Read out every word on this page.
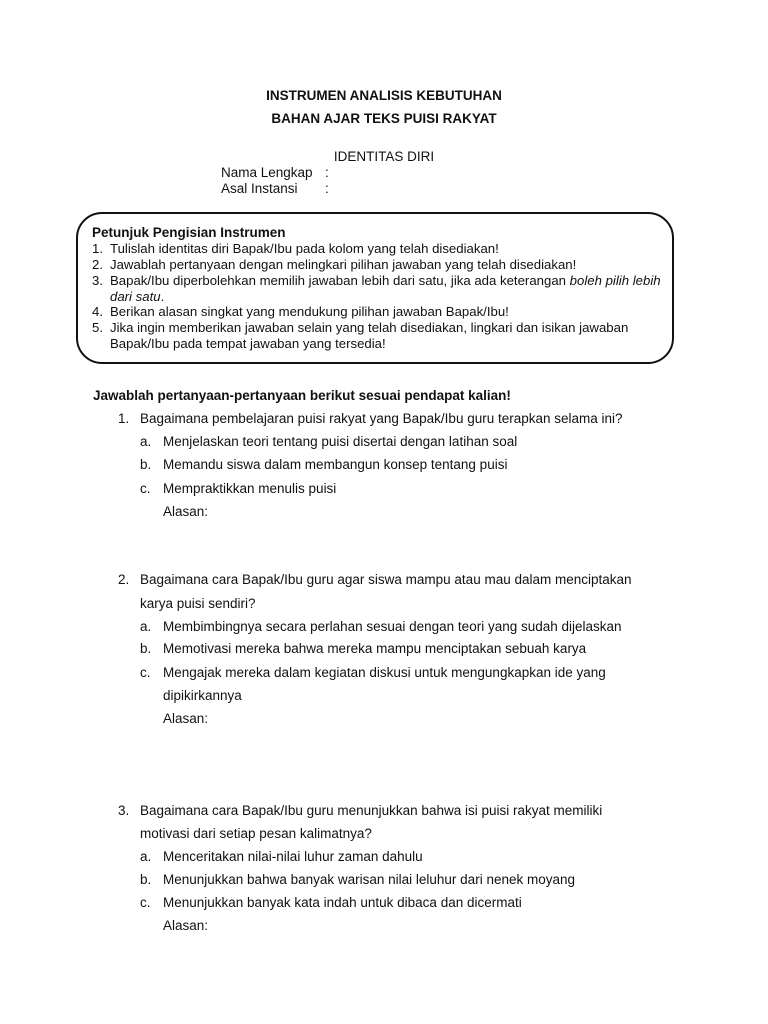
INSTRUMEN ANALISIS KEBUTUHAN
BAHAN AJAR TEKS PUISI RAKYAT
IDENTITAS DIRI
Nama Lengkap :
Asal Instansi	:
Petunjuk Pengisian Instrumen
1. Tulislah identitas diri Bapak/Ibu pada kolom yang telah disediakan!
2. Jawablah pertanyaan dengan melingkari pilihan jawaban yang telah disediakan!
3. Bapak/Ibu diperbolehkan memilih jawaban lebih dari satu, jika ada keterangan boleh pilih lebih dari satu.
4. Berikan alasan singkat yang mendukung pilihan jawaban Bapak/Ibu!
5. Jika ingin memberikan jawaban selain yang telah disediakan, lingkari dan isikan jawaban Bapak/Ibu pada tempat jawaban yang tersedia!
Jawablah pertanyaan-pertanyaan berikut sesuai pendapat kalian!
1. Bagaimana pembelajaran puisi rakyat yang Bapak/Ibu guru terapkan selama ini?
a. Menjelaskan teori tentang puisi disertai dengan latihan soal
b. Memandu siswa dalam membangun konsep tentang puisi
c. Mempraktikkan menulis puisi
Alasan:
2. Bagaimana cara Bapak/Ibu guru agar siswa mampu atau mau dalam menciptakan
karya puisi sendiri?
a. Membimbingnya secara perlahan sesuai dengan teori yang sudah dijelaskan
b. Memotivasi mereka bahwa mereka mampu menciptakan sebuah karya
c. Mengajak mereka dalam kegiatan diskusi untuk mengungkapkan ide yang
dipikirkannya
Alasan:
3. Bagaimana cara Bapak/Ibu guru menunjukkan bahwa isi puisi rakyat memiliki
motivasi dari setiap pesan kalimatnya?
a. Menceritakan nilai-nilai luhur zaman dahulu
b. Menunjukkan bahwa banyak warisan nilai leluhur dari nenek moyang
c. Menunjukkan banyak kata indah untuk dibaca dan dicermati
Alasan:
